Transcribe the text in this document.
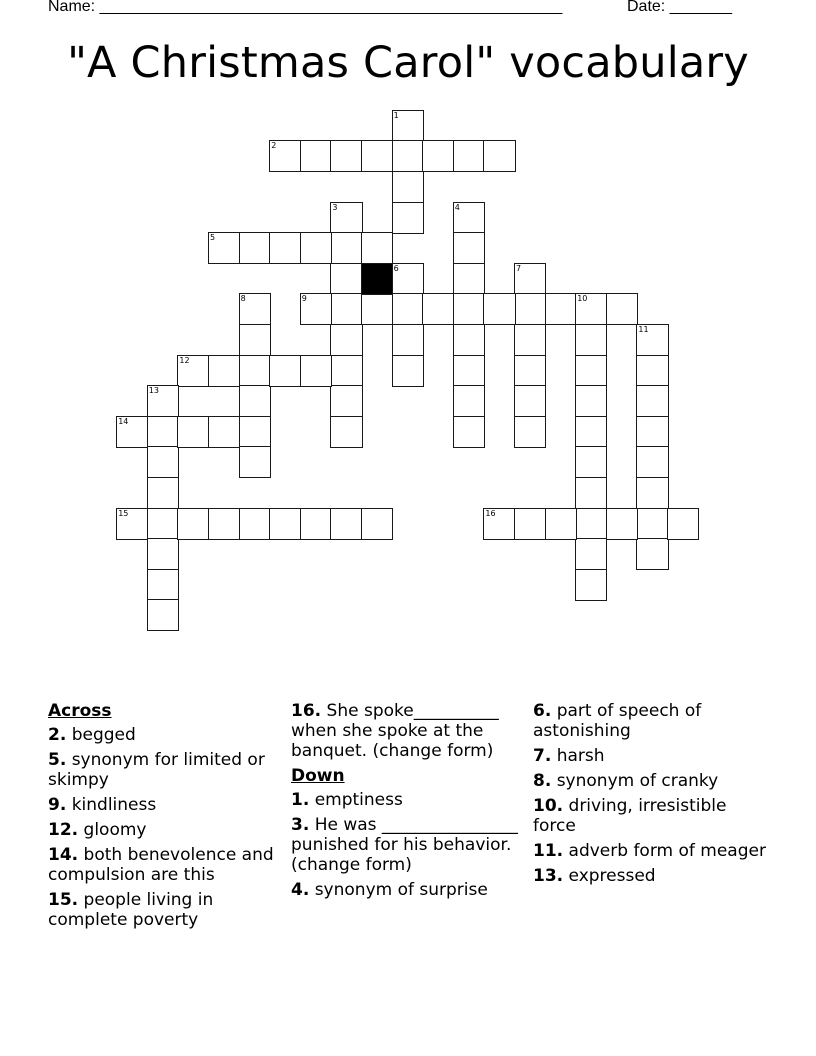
Name: ____________________________________________________	Date: _______
"A Christmas Carol" vocabulary
1
2
3	4
5
6	7
8	9	10
11
12
13
14
15	16
Across
2. begged
5. synonym for limited or skimpy
9. kindliness
12. gloomy
14. both benevolence and compulsion are this
15. people living in complete poverty
16. She spoke__________ when she spoke at the banquet. (change form)
Down
1. emptiness
3. He was ________________ punished for his behavior. (change form)
4. synonym of surprise
6. part of speech of astonishing
7. harsh
8. synonym of cranky
10. driving, irresistible force
11. adverb form of meager
13. expressed
